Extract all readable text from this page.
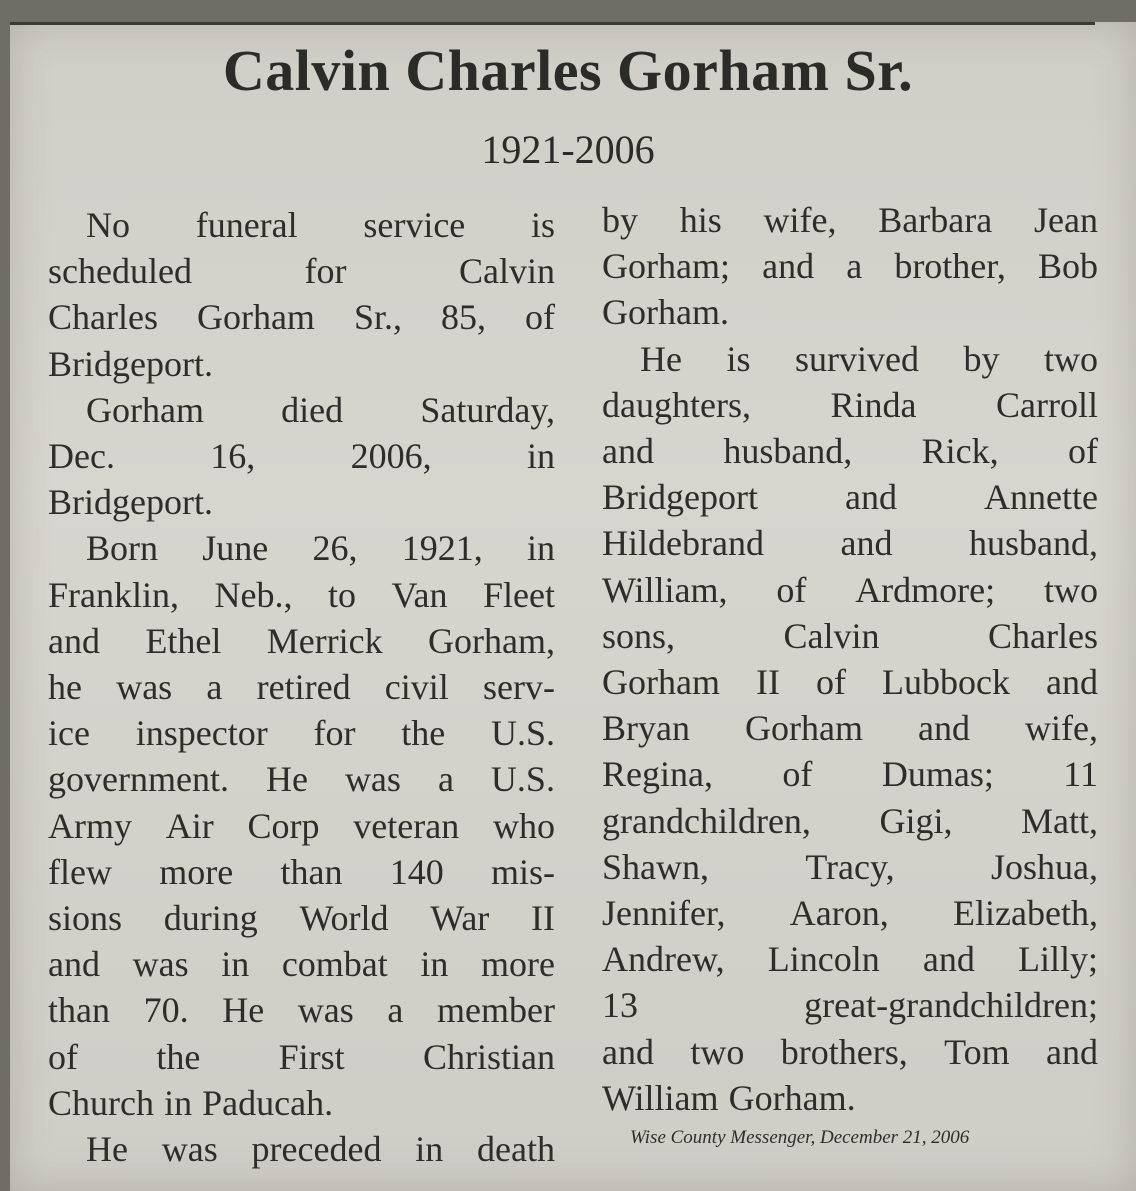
Calvin Charles Gorham Sr.
1921-2006
No funeral service is
scheduled	for	Calvin
Charles Gorham Sr., 85, of
Bridgeport.
Gorham died Saturday,
Dec.	16,	2006,	in
Bridgeport.
Born June 26, 1921, in
Franklin, Neb., to Van Fleet
and Ethel Merrick Gorham,
he was a retired civil serv-
ice inspector for the U.S.
government. He was a U.S.
Army Air Corp veteran who
flew more than 140 mis-
sions during World War II
and was in combat in more
than 70. He was a member
of the First Christian
Church in Paducah.
He was preceded in death
by his wife, Barbara Jean
Gorham; and a brother, Bob
Gorham.
He is survived by two
daughters, Rinda Carroll
and husband, Rick, of
Bridgeport and Annette
Hildebrand and husband,
William, of Ardmore; two
sons,	Calvin	Charles
Gorham II of Lubbock and
Bryan Gorham and wife,
Regina, of Dumas; 11
grandchildren, Gigi, Matt,
Shawn,	Tracy,	Joshua,
Jennifer, Aaron, Elizabeth,
Andrew, Lincoln and Lilly;
13	great-grandchildren;
and two brothers, Tom and
William Gorham.
Wise County Messenger, December 21, 2006
